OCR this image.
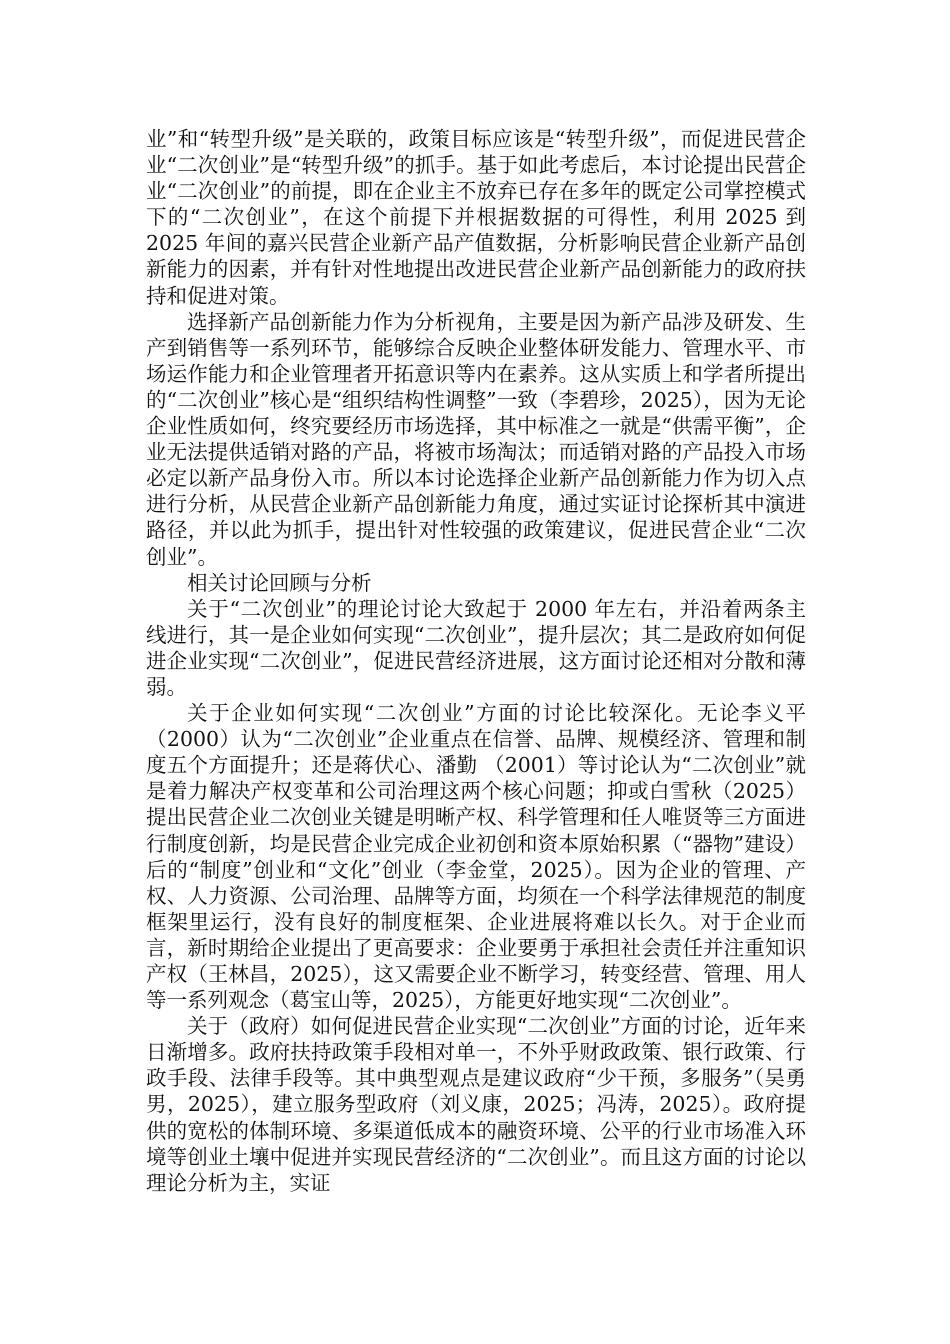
业”和“转型升级”是关联的，政策目标应该是“转型升级”，而促进民营企业“二次创业”是“转型升级”的抓手。基于如此考虑后，本讨论提出民营企业“二次创业”的前提，即在企业主不放弃已存在多年的既定公司掌控模式下的“二次创业”，在这个前提下并根据数据的可得性，利用 2025 到 2025 年间的嘉兴民营企业新产品产值数据，分析影响民营企业新产品创新能力的因素，并有针对性地提出改进民营企业新产品创新能力的政府扶持和促进对策。

选择新产品创新能力作为分析视角，主要是因为新产品涉及研发、生产到销售等一系列环节，能够综合反映企业整体研发能力、管理水平、市场运作能力和企业管理者开拓意识等内在素养。这从实质上和学者所提出的“二次创业”核心是“组织结构性调整”一致（李碧珍，2025），因为无论企业性质如何，终究要经历市场选择，其中标准之一就是“供需平衡”，企业无法提供适销对路的产品，将被市场淘汰；而适销对路的产品投入市场必定以新产品身份入市。所以本讨论选择企业新产品创新能力作为切入点进行分析，从民营企业新产品创新能力角度，通过实证讨论探析其中演进路径，并以此为抓手，提出针对性较强的政策建议，促进民营企业“二次创业”。

相关讨论回顾与分析

关于“二次创业”的理论讨论大致起于 2000 年左右，并沿着两条主线进行，其一是企业如何实现“二次创业”，提升层次；其二是政府如何促进企业实现“二次创业”，促进民营经济进展，这方面讨论还相对分散和薄弱。

关于企业如何实现“二次创业”方面的讨论比较深化。无论李义平（2000）认为“二次创业”企业重点在信誉、品牌、规模经济、管理和制度五个方面提升；还是蒋伏心、潘勤 （2001）等讨论认为“二次创业”就是着力解决产权变革和公司治理这两个核心问题；抑或白雪秋（2025）提出民营企业二次创业关键是明晰产权、科学管理和任人唯贤等三方面进行制度创新，均是民营企业完成企业初创和资本原始积累（“器物”建设）后的“制度”创业和“文化”创业（李金堂，2025）。因为企业的管理、产权、人力资源、公司治理、品牌等方面，均须在一个科学法律规范的制度框架里运行，没有良好的制度框架、企业进展将难以长久。对于企业而言，新时期给企业提出了更高要求：企业要勇于承担社会责任并注重知识产权（王林昌，2025），这又需要企业不断学习，转变经营、管理、用人等一系列观念（葛宝山等，2025），方能更好地实现“二次创业”。

关于（政府）如何促进民营企业实现“二次创业”方面的讨论，近年来日渐增多。政府扶持政策手段相对单一，不外乎财政政策、银行政策、行政手段、法律手段等。其中典型观点是建议政府“少干预，多服务”（吴勇男，2025），建立服务型政府（刘义康，2025；冯涛，2025）。政府提供的宽松的体制环境、多渠道低成本的融资环境、公平的行业市场准入环境等创业土壤中促进并实现民营经济的“二次创业”。而且这方面的讨论以理论分析为主，实证
